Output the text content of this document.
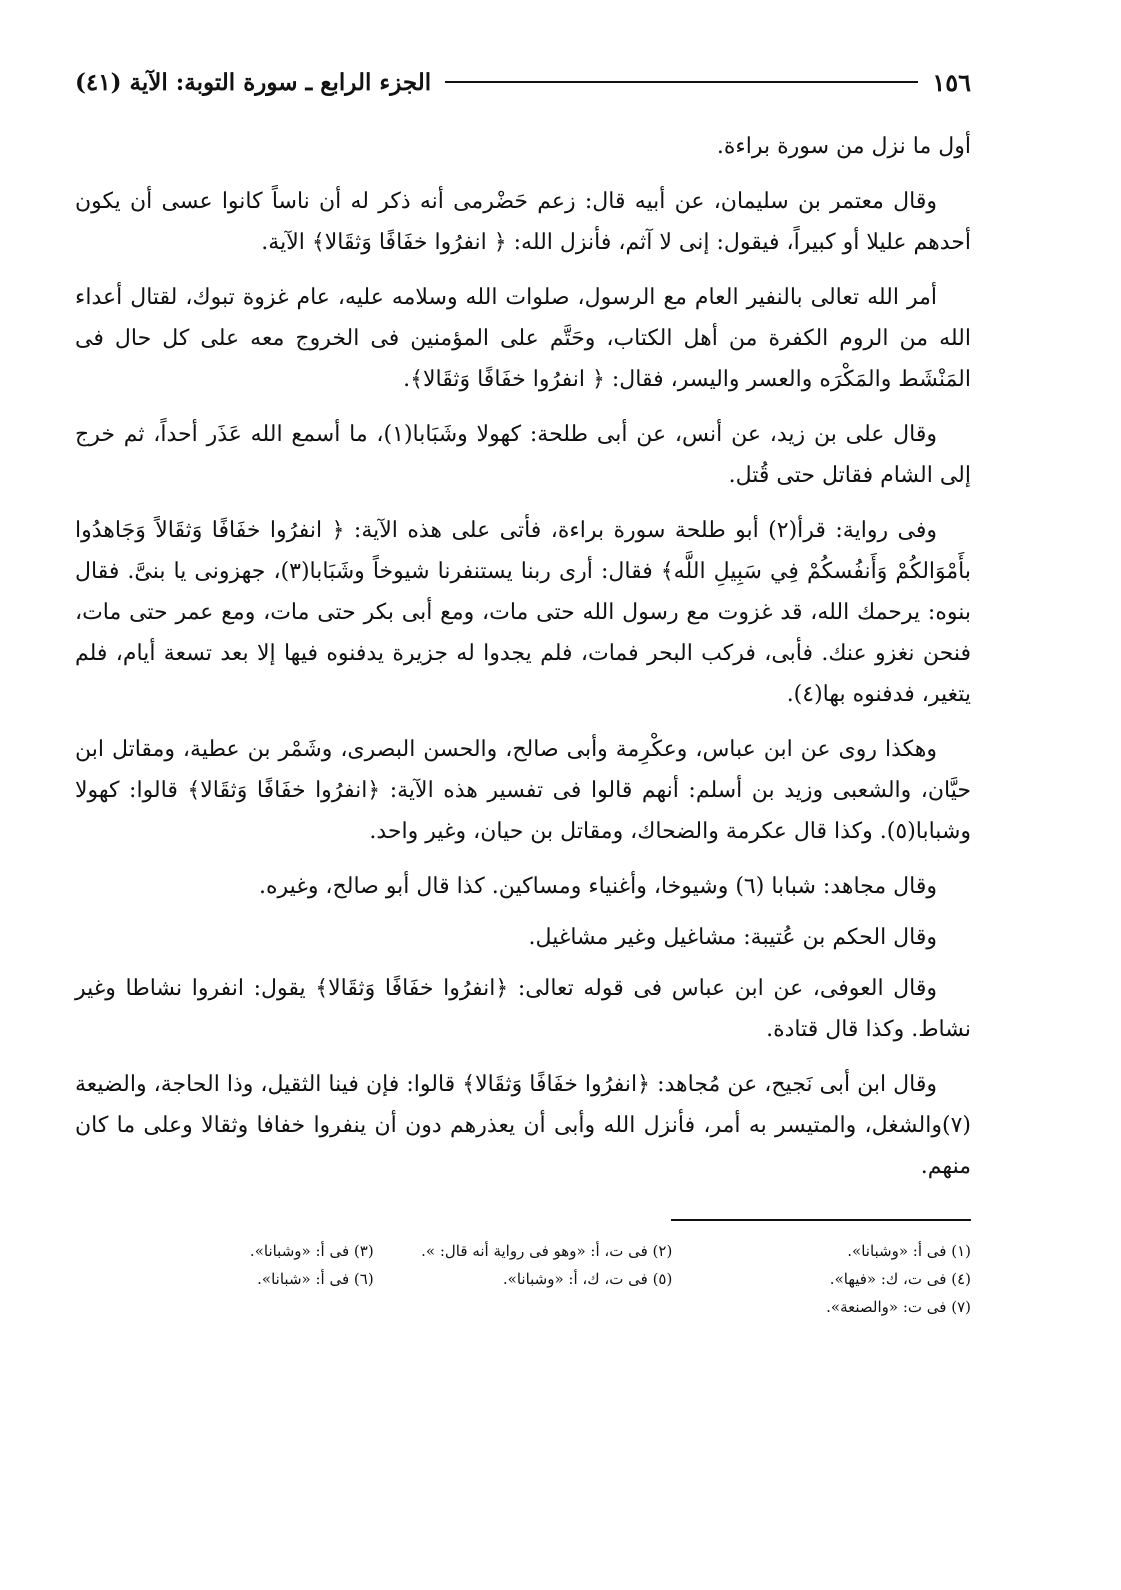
١٥٦
الجزء الرابع ـ سورة التوبة: الآية (٤١)

أول ما نزل من سورة براءة.

وقال معتمر بن سليمان، عن أبيه قال: زعم حَضْرمى أنه ذكر له أن ناساً كانوا عسى أن يكون أحدهم عليلا أو كبيراً، فيقول: إنى لا آثم، فأنزل الله: ﴿ انفرُوا خفَافًا وَثقَالا﴾ الآية.

أمر الله تعالى بالنفير العام مع الرسول، صلوات الله وسلامه عليه، عام غزوة تبوك، لقتال أعداء الله من الروم الكفرة من أهل الكتاب، وحَتَّم على المؤمنين فى الخروج معه على كل حال فى المَنْشَط والمَكْرَه والعسر واليسر، فقال: ﴿ انفرُوا خفَافًا وَثقَالا﴾.

وقال على بن زيد، عن أنس، عن أبى طلحة: كهولا وشَبَابا(١)، ما أسمع الله عَذَر أحداً، ثم خرج إلى الشام فقاتل حتى قُتل.

وفى رواية: قرأ(٢) أبو طلحة سورة براءة، فأتى على هذه الآية: ﴿ انفرُوا خفَافًا وَثقَالاً وَجَاهدُوا بأَمْوَالكُمْ وَأَنفُسكُمْ فِي سَبِيلِ اللَّه﴾ فقال: أرى ربنا يستنفرنا شيوخاً وشَبَابا(٣)، جهزونى يا بنىَّ. فقال بنوه: يرحمك الله، قد غزوت مع رسول الله حتى مات، ومع أبى بكر حتى مات، ومع عمر حتى مات، فنحن نغزو عنك. فأبى، فركب البحر فمات، فلم يجدوا له جزيرة يدفنوه فيها إلا بعد تسعة أيام، فلم يتغير، فدفنوه بها(٤).

وهكذا روى عن ابن عباس، وعكْرِمة وأبى صالح، والحسن البصرى، وشَمْر بن عطية، ومقاتل ابن حيَّان، والشعبى وزيد بن أسلم: أنهم قالوا فى تفسير هذه الآية: ﴿انفرُوا خفَافًا وَثقَالا﴾ قالوا: كهولا وشبابا(٥). وكذا قال عكرمة والضحاك، ومقاتل بن حيان، وغير واحد.

وقال مجاهد: شبابا (٦) وشيوخا، وأغنياء ومساكين. كذا قال أبو صالح، وغيره.

وقال الحكم بن عُتيبة: مشاغيل وغير مشاغيل.

وقال العوفى، عن ابن عباس فى قوله تعالى: ﴿انفرُوا خفَافًا وَثقَالا﴾ يقول: انفروا نشاطا وغير نشاط. وكذا قال قتادة.

وقال ابن أبى نَجيح، عن مُجاهد: ﴿انفرُوا خفَافًا وَثقَالا﴾ قالوا: فإن فينا الثقيل، وذا الحاجة، والضيعة (٧)والشغل، والمتيسر به أمر، فأنزل الله وأبى أن يعذرهم دون أن ينفروا خفافا وثقالا وعلى ما كان منهم.

(١) فى أ: «وشبانا».
(٢) فى ت، أ: «وهو فى رواية أنه قال: ».
(٣) فى أ: «وشبانا».
(٤) فى ت، ك: «فيها».
(٥) فى ت، ك، أ: «وشبانا».
(٦) فى أ: «شبانا».
(٧) فى ت: «والصنعة».
